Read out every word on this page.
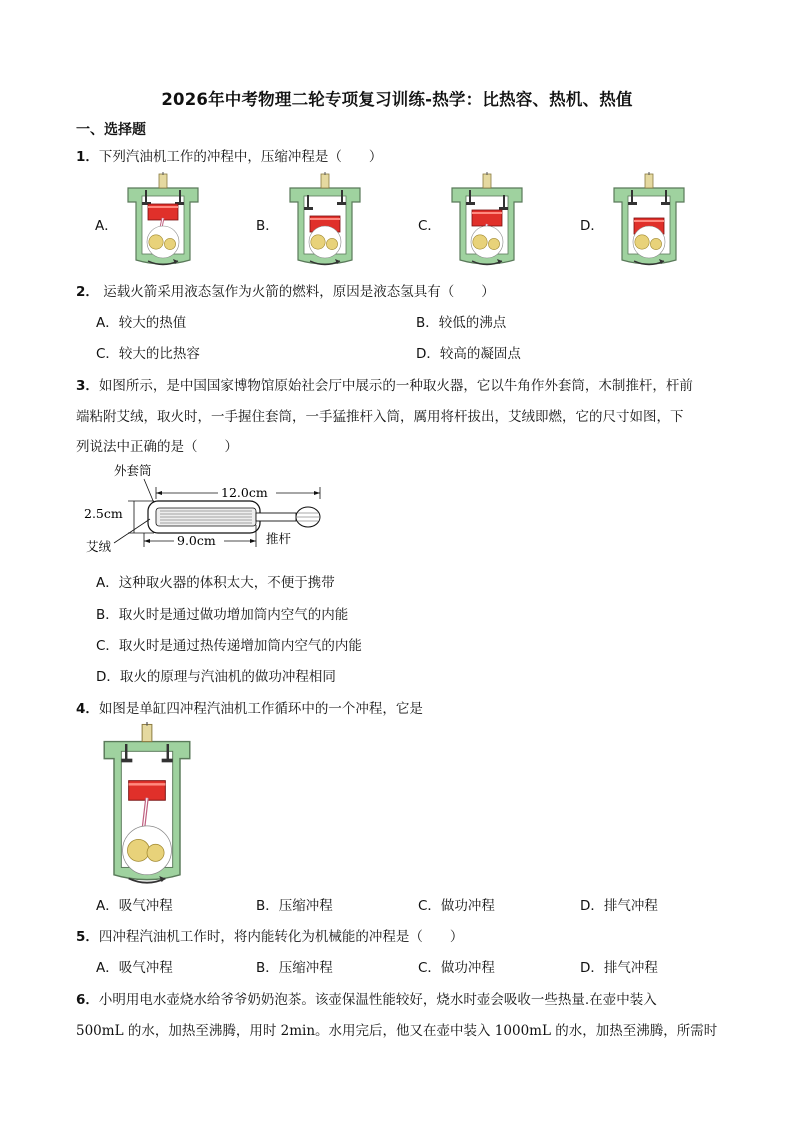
2026年中考物理二轮专项复习训练-热学：比热容、热机、热值
一、选择题
1．下列汽油机工作的冲程中，压缩冲程是（　　）
A．	B．	C．	D．
2． 运载火箭采用液态氢作为火箭的燃料，原因是液态氢具有（　　）
A．较大的热值	B．较低的沸点
C．较大的比热容	D．较高的凝固点
3．如图所示，是中国国家博物馆原始社会厅中展示的一种取火器，它以牛角作外套筒，木制推杆，杆前
端粘附艾绒，取火时，一手握住套筒，一手猛推杆入筒，厲用将杆拔出，艾绒即燃，它的尺寸如图，下
列说法中正确的是（　　）
外套筒
12.0cm
2.5cm
9.0cm
艾绒
推杆
A．这种取火器的体积太大，不便于携带
B．取火时是通过做功增加筒内空气的内能
C．取火时是通过热传递增加筒内空气的内能
D．取火的原理与汽油机的做功冲程相同
4．如图是单缸四冲程汽油机工作循环中的一个冲程，它是
A．吸气冲程	B．压缩冲程	C．做功冲程	D．排气冲程
5．四冲程汽油机工作时，将内能转化为机械能的冲程是（　　）
A．吸气冲程	B．压缩冲程	C．做功冲程	D．排气冲程
6．小明用电水壶烧水给爷爷奶奶泡茶。该壶保温性能较好，烧水时壶会吸收一些热量.在壶中装入
500mL 的水，加热至沸腾，用时 2min。水用完后，他又在壶中装入 1000mL 的水，加热至沸腾，所需时
